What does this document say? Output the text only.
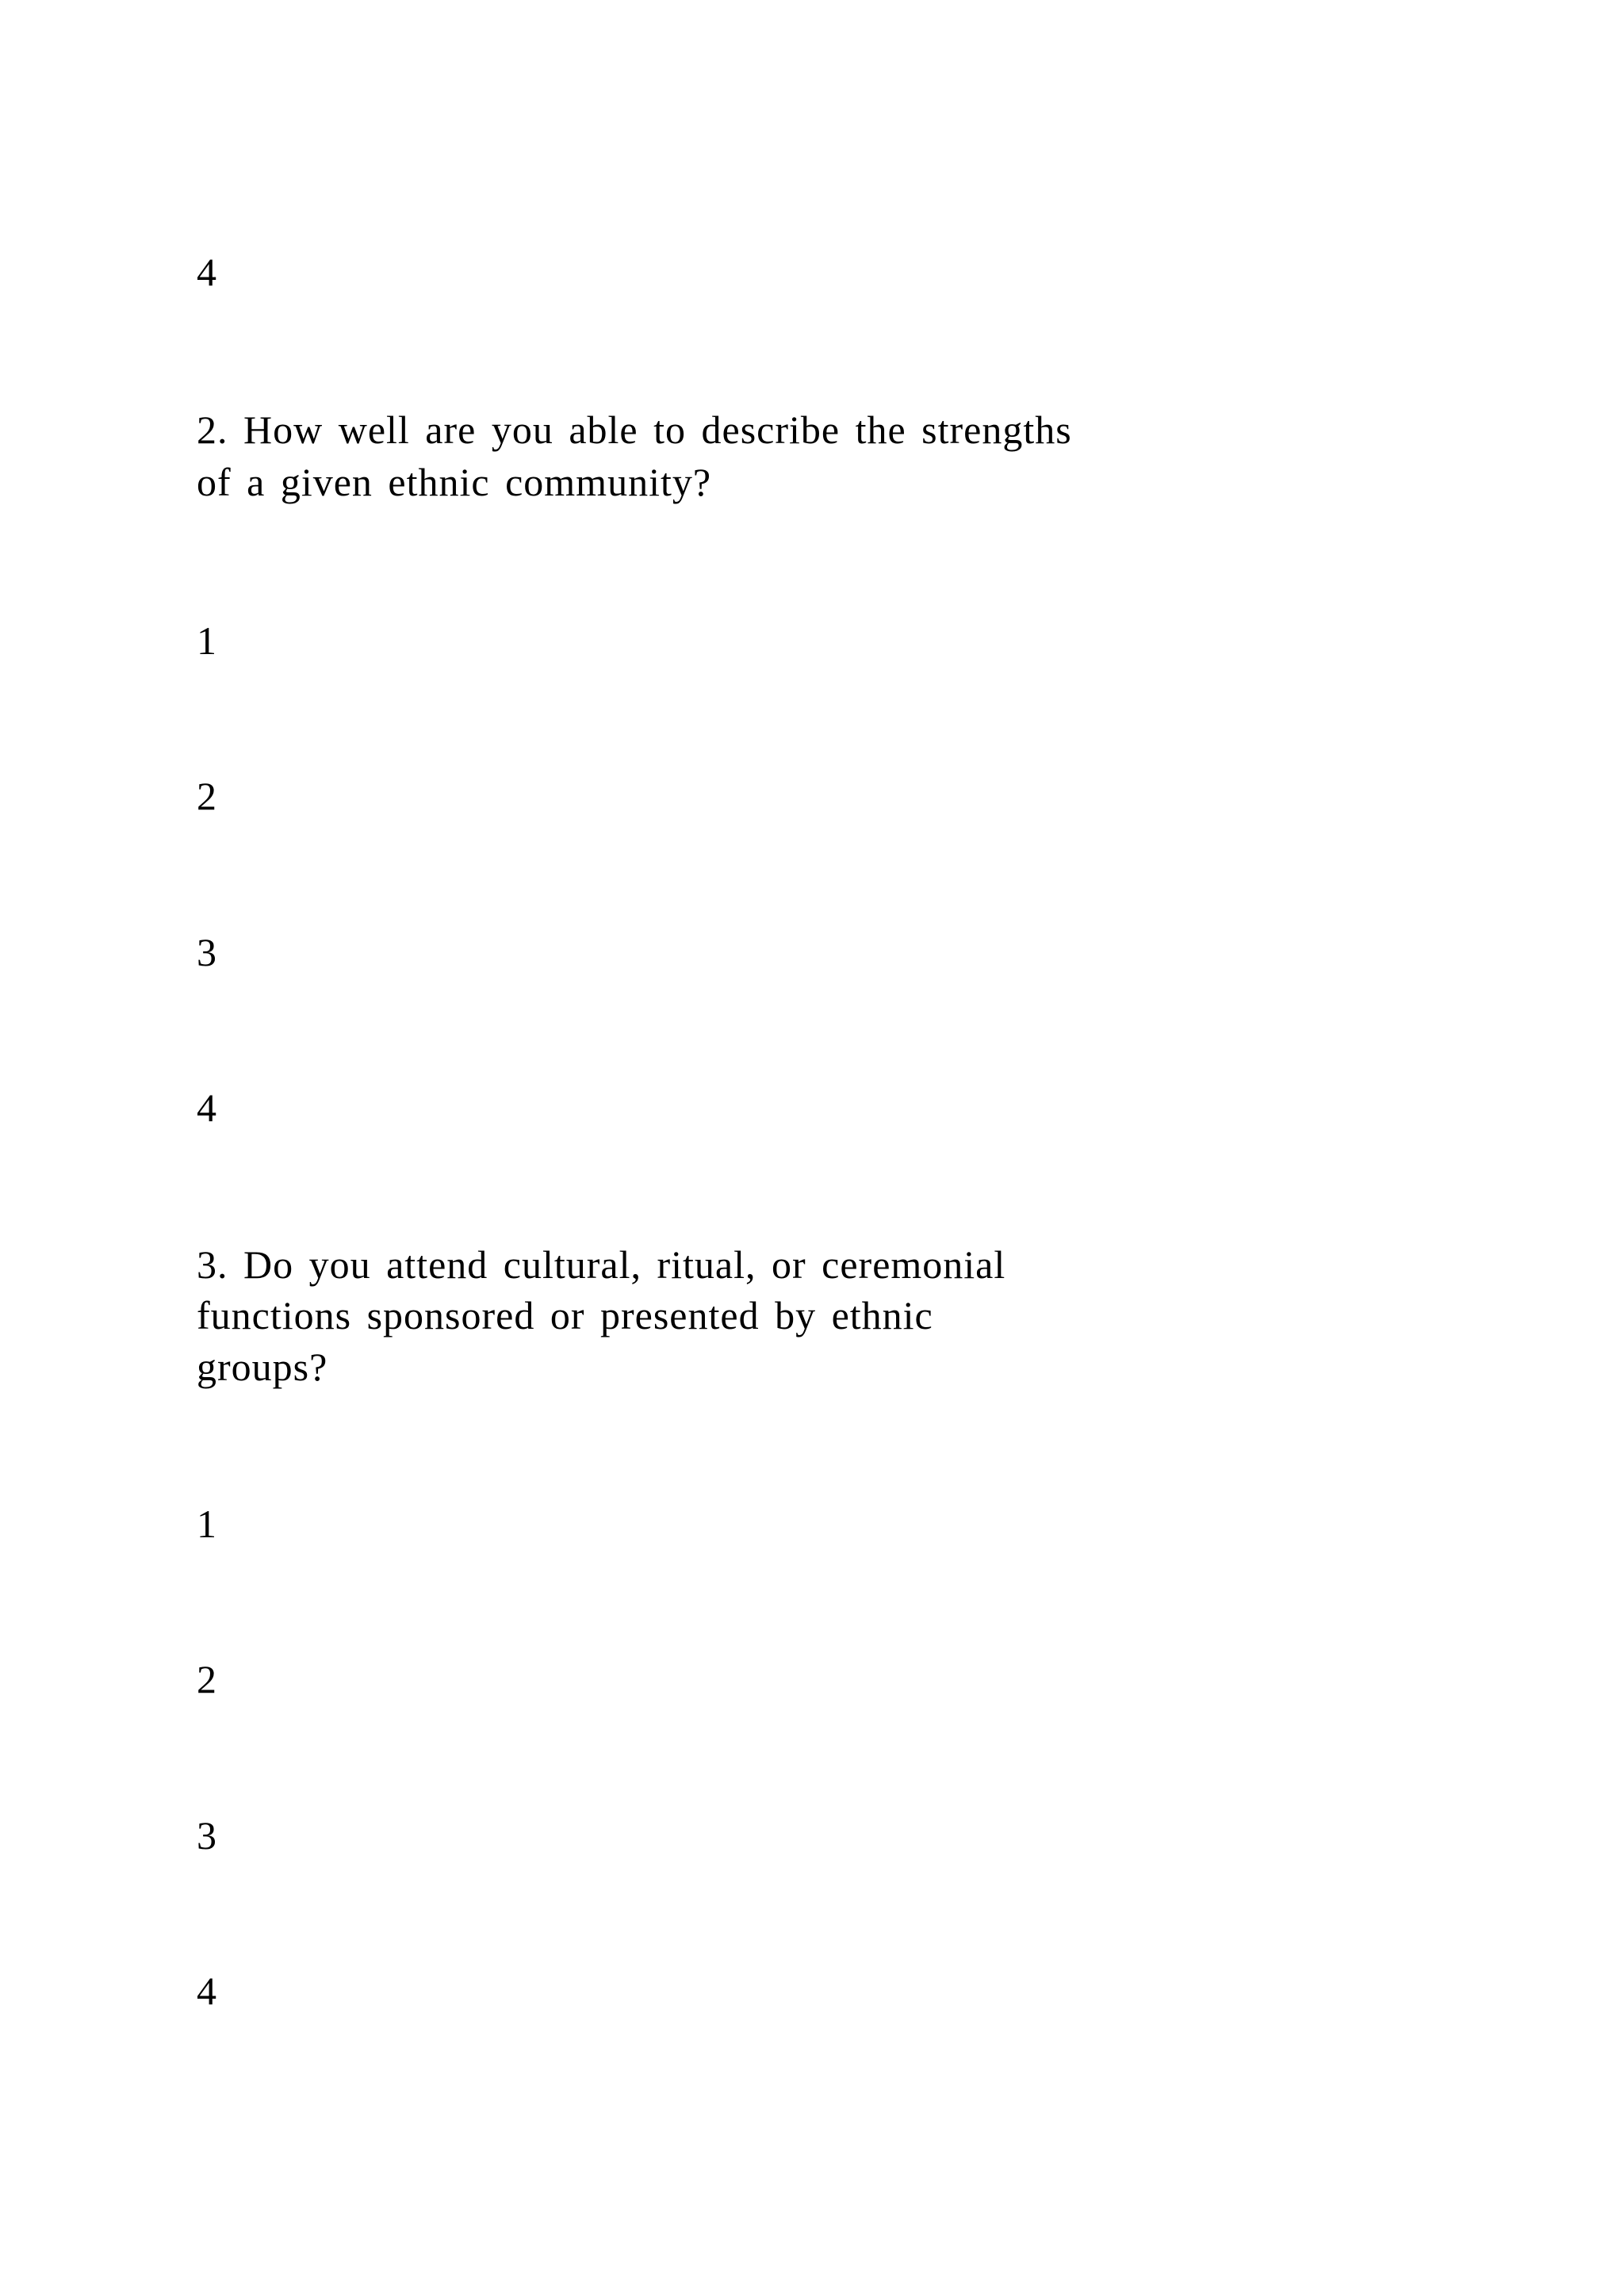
4

2. How well are you able to describe the strengths

of a given ethnic community?

1
2
3
4

3. Do you attend cultural, ritual, or ceremonial

functions sponsored or presented by ethnic

groups?

1
2
3
4
